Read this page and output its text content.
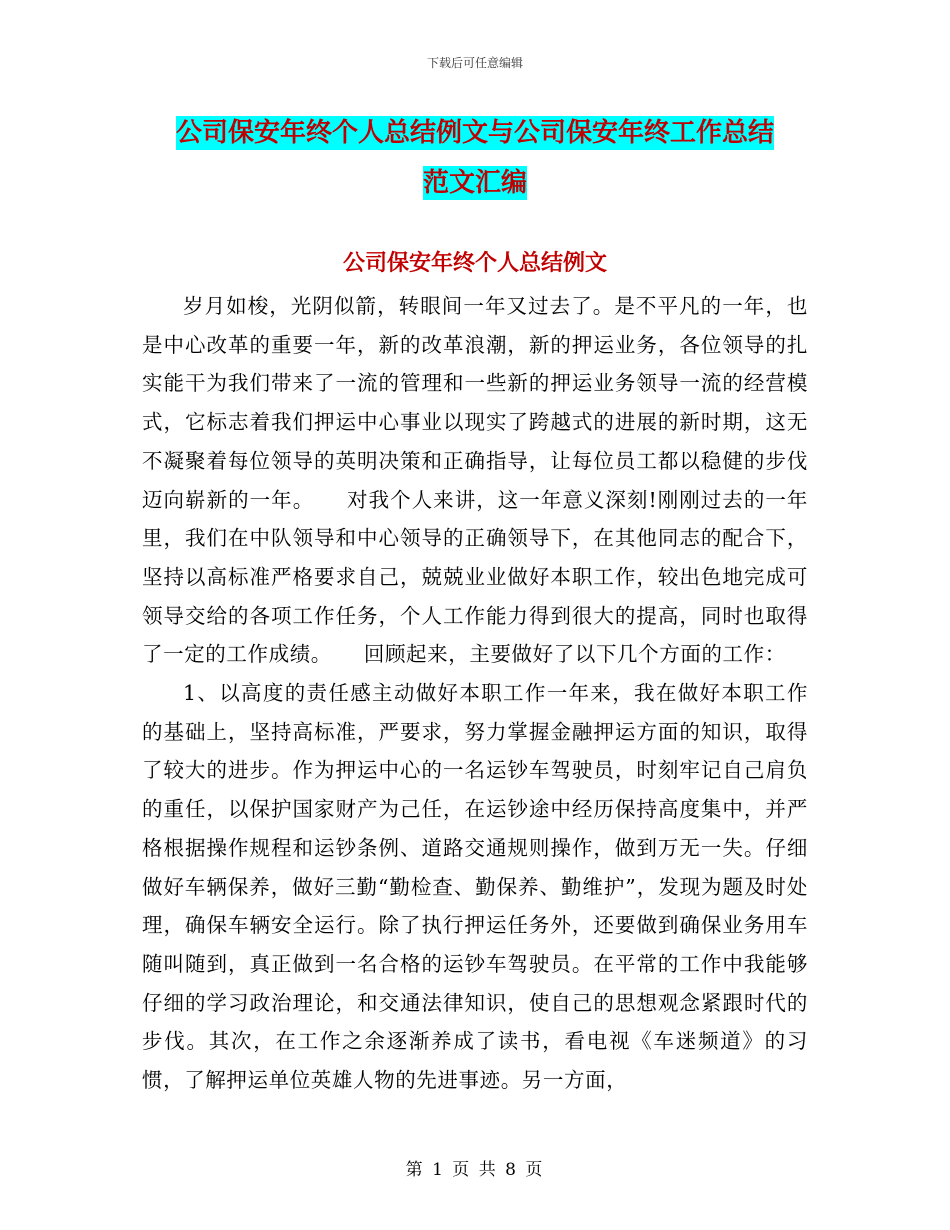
下载后可任意编辑
公司保安年终个人总结例文与公司保安年终工作总结
范文汇编
公司保安年终个人总结例文

岁月如梭，光阴似箭，转眼间一年又过去了。是不平凡的一年，也是中心改革的重要一年，新的改革浪潮，新的押运业务，各位领导的扎实能干为我们带来了一流的管理和一些新的押运业务领导一流的经营模式，它标志着我们押运中心事业以现实了跨越式的进展的新时期，这无不凝聚着每位领导的英明决策和正确指导，让每位员工都以稳健的步伐迈向崭新的一年。　　对我个人来讲，这一年意义深刻!刚刚过去的一年里，我们在中队领导和中心领导的正确领导下，在其他同志的配合下，坚持以高标准严格要求自己，兢兢业业做好本职工作，较出色地完成可领导交给的各项工作任务，个人工作能力得到很大的提高，同时也取得了一定的工作成绩。　　回顾起来，主要做好了以下几个方面的工作：

1、以高度的责任感主动做好本职工作一年来，我在做好本职工作的基础上，坚持高标准，严要求，努力掌握金融押运方面的知识，取得了较大的进步。作为押运中心的一名运钞车驾驶员，时刻牢记自己肩负的重任，以保护国家财产为己任，在运钞途中经历保持高度集中，并严格根据操作规程和运钞条例、道路交通规则操作，做到万无一失。仔细做好车辆保养，做好三勤“勤检查、勤保养、勤维护”，发现为题及时处理，确保车辆安全运行。除了执行押运任务外，还要做到确保业务用车随叫随到，真正做到一名合格的运钞车驾驶员。在平常的工作中我能够仔细的学习政治理论，和交通法律知识，使自己的思想观念紧跟时代的步伐。其次，在工作之余逐渐养成了读书，看电视《车迷频道》的习惯，了解押运单位英雄人物的先进事迹。另一方面，

第 1 页 共 8 页
